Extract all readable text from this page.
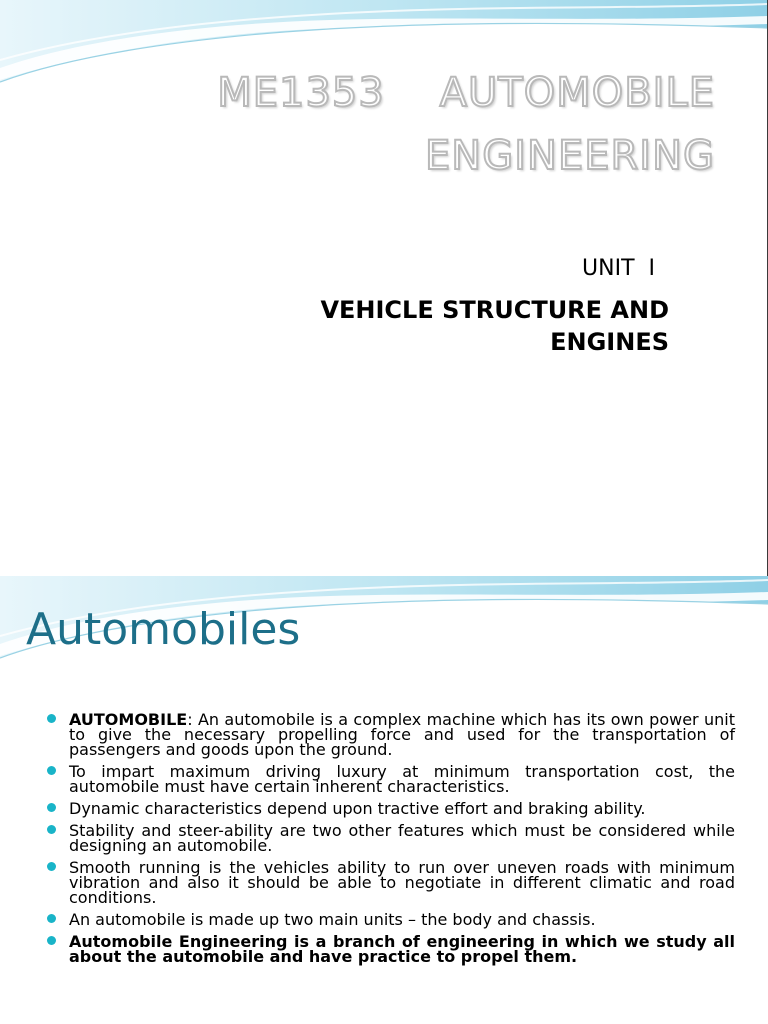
ME1353    AUTOMOBILE
ENGINEERING
UNIT  I
VEHICLE STRUCTURE AND
ENGINES
Automobiles
AUTOMOBILE: An automobile is a complex machine which has its own power unit to give the necessary propelling force and used for the transportation of passengers and goods upon the ground.
To impart maximum driving luxury at minimum transportation cost, the automobile must have certain inherent characteristics.
Dynamic characteristics depend upon tractive effort and braking ability.
Stability and steer-ability are two other features which must be considered while designing an automobile.
Smooth running is the vehicles ability to run over uneven roads with minimum vibration and also it should be able to negotiate in different climatic and road conditions.
An automobile is made up two main units – the body and chassis.
Automobile Engineering is a branch of engineering in which we study all about the automobile and have practice to propel them.
